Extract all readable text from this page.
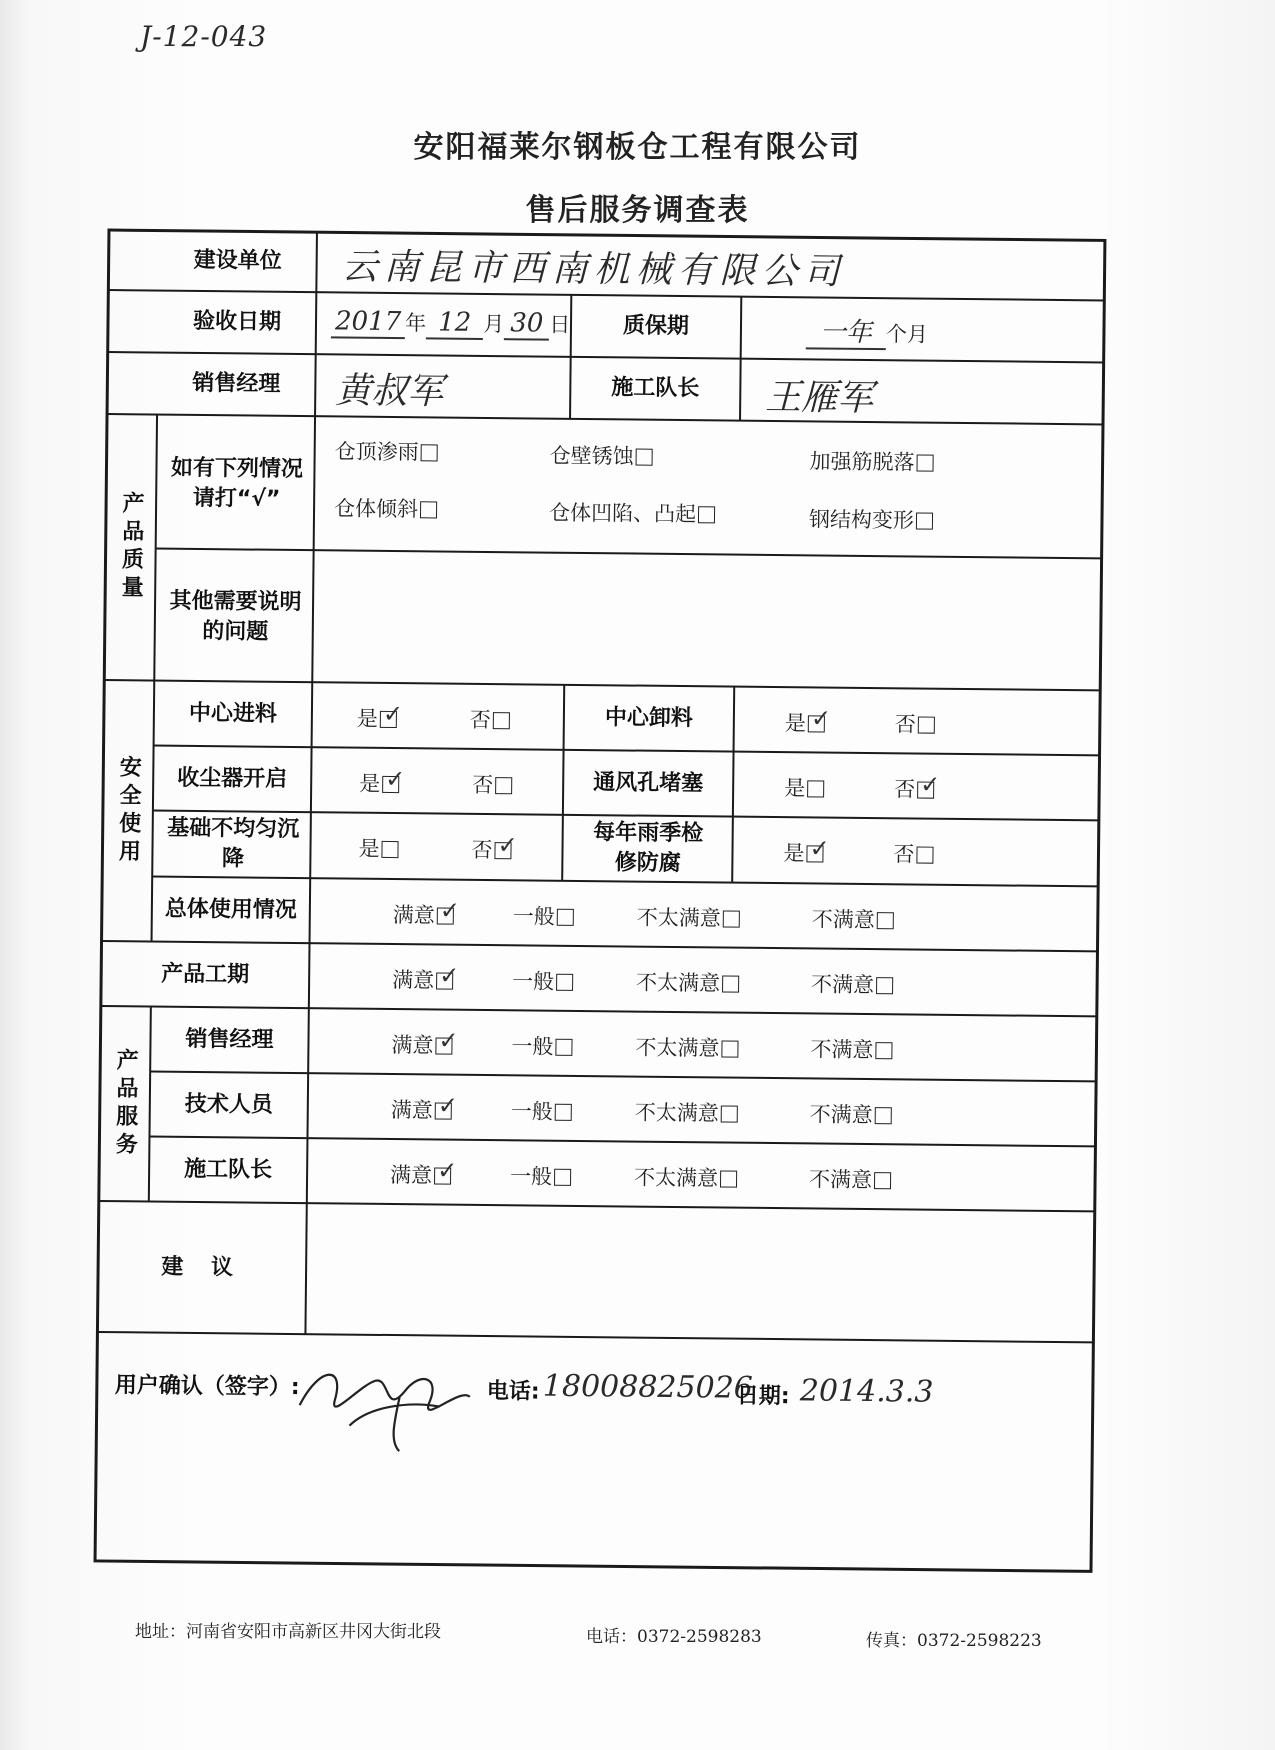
J-12-043
安阳福莱尔钢板仓工程有限公司
售后服务调查表
建设单位	云南昆市西南机械有限公司
验收日期	2017 年 12 月 30 日	质保期	一年 个月
销售经理	黄叔军	施工队长	王雁军
产品质量
如有下列情况请打“√”
仓顶渗雨	仓壁锈蚀	加强筋脱落
仓体倾斜	仓体凹陷、凸起	钢结构变形
其他需要说明的问题
安全使用
中心进料	是 ✓	否	中心卸料	是 ✓	否
收尘器开启	是 ✓	否	通风孔堵塞	是	否 ✓
基础不均匀沉降	是	否 ✓	每年雨季检修防腐	是 ✓	否
总体使用情况	满意 ✓	一般	不太满意	不满意
产品工期	满意 ✓	一般	不太满意	不满意
产品服务
销售经理	满意 ✓	一般	不太满意	不满意
技术人员	满意 ✓	一般	不太满意	不满意
施工队长	满意 ✓	一般	不太满意	不满意
建 议
用户确认（签字）:	电话: 18008825026
日期: 2014.3.3
地址：河南省安阳市高新区井冈大街北段	电话：0372-2598283	传真：0372-2598223
